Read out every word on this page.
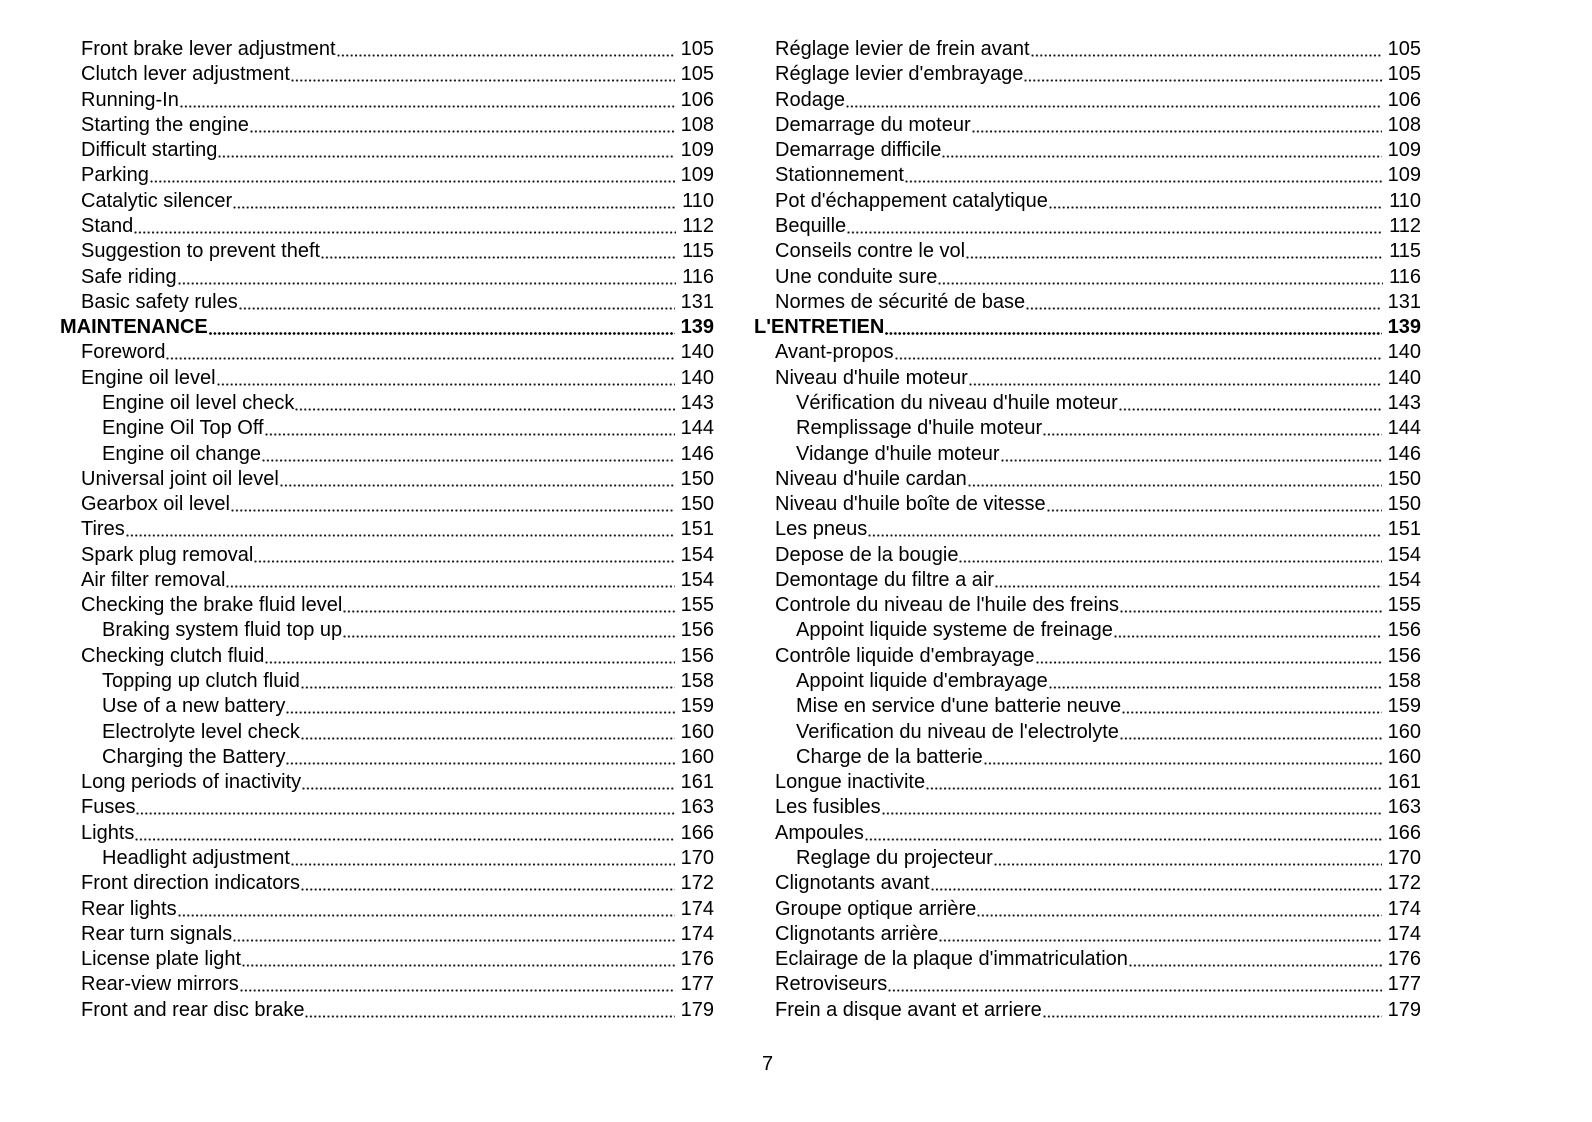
Front brake lever adjustment	105
Clutch lever adjustment	105
Running-In	106
Starting the engine	108
Difficult starting	109
Parking	109
Catalytic silencer	110
Stand	112
Suggestion to prevent theft	115
Safe riding	116
Basic safety rules	131
MAINTENANCE	139
Foreword	140
Engine oil level	140
Engine oil level check	143
Engine Oil Top Off	144
Engine oil change	146
Universal joint oil level	150
Gearbox oil level	150
Tires	151
Spark plug removal	154
Air filter removal	154
Checking the brake fluid level	155
Braking system fluid top up	156
Checking clutch fluid	156
Topping up clutch fluid	158
Use of a new battery	159
Electrolyte level check	160
Charging the Battery	160
Long periods of inactivity	161
Fuses	163
Lights	166
Headlight adjustment	170
Front direction indicators	172
Rear lights	174
Rear turn signals	174
License plate light	176
Rear-view mirrors	177
Front and rear disc brake	179
Réglage levier de frein avant	105
Réglage levier d'embrayage	105
Rodage	106
Demarrage du moteur	108
Demarrage difficile	109
Stationnement	109
Pot d'échappement catalytique	110
Bequille	112
Conseils contre le vol	115
Une conduite sure	116
Normes de sécurité de base	131
L'ENTRETIEN	139
Avant-propos	140
Niveau d'huile moteur	140
Vérification du niveau d'huile moteur	143
Remplissage d'huile moteur	144
Vidange d'huile moteur	146
Niveau d'huile cardan	150
Niveau d'huile boîte de vitesse	150
Les pneus	151
Depose de la bougie	154
Demontage du filtre a air	154
Controle du niveau de l'huile des freins	155
Appoint liquide systeme de freinage	156
Contrôle liquide d'embrayage	156
Appoint liquide d'embrayage	158
Mise en service d'une batterie neuve	159
Verification du niveau de l'electrolyte	160
Charge de la batterie	160
Longue inactivite	161
Les fusibles	163
Ampoules	166
Reglage du projecteur	170
Clignotants avant	172
Groupe optique arrière	174
Clignotants arrière	174
Eclairage de la plaque d'immatriculation	176
Retroviseurs	177
Frein a disque avant et arriere	179
7
